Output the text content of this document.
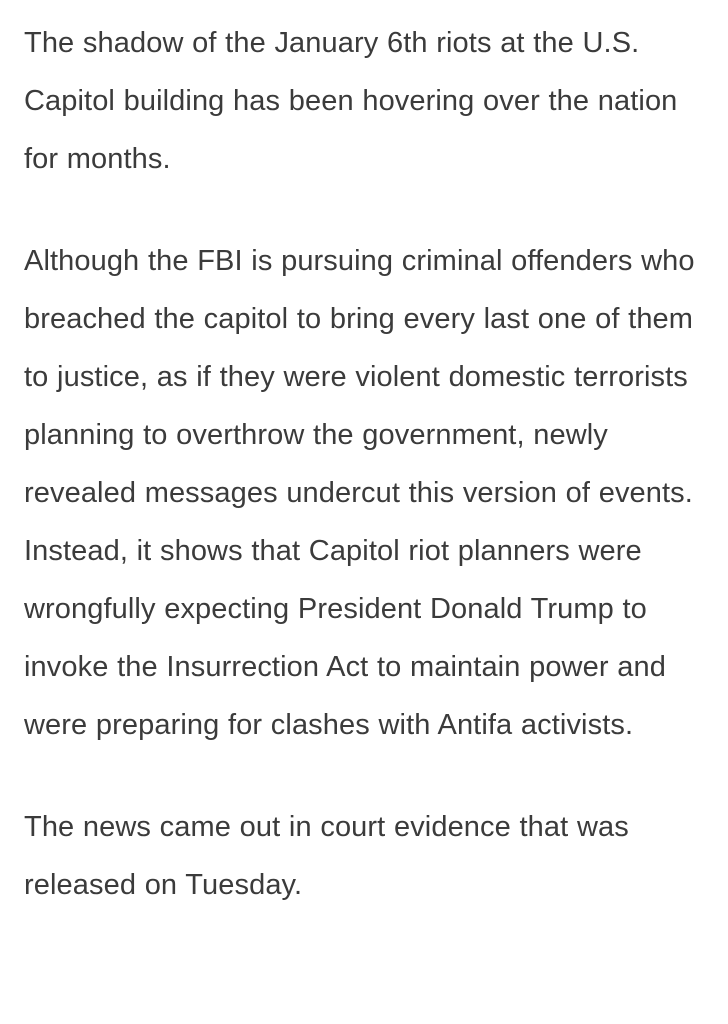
The shadow of the January 6th riots at the U.S. Capitol building has been hovering over the nation for months.

Although the FBI is pursuing criminal offenders who breached the capitol to bring every last one of them to justice, as if they were violent domestic terrorists planning to overthrow the government, newly revealed messages undercut this version of events. Instead, it shows that Capitol riot planners were wrongfully expecting President Donald Trump to invoke the Insurrection Act to maintain power and were preparing for clashes with Antifa activists.

The news came out in court evidence that was released on Tuesday.
